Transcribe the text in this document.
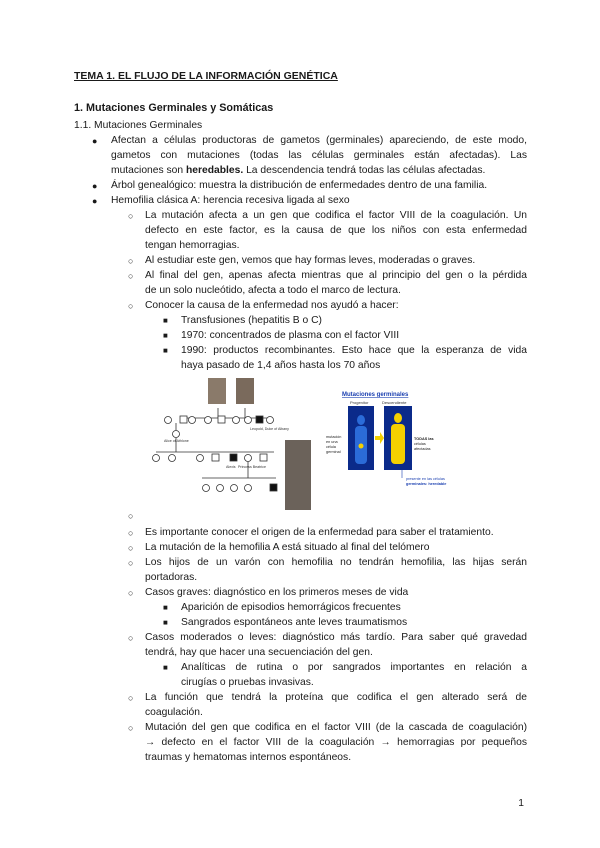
TEMA 1. EL FLUJO DE LA INFORMACIÓN GENÉTICA
1. Mutaciones Germinales y Somáticas
1.1. Mutaciones Germinales
● Afectan a células productoras de gametos (germinales) apareciendo, de este modo,
gametos con mutaciones (todas las células germinales están afectadas). Las
mutaciones son heredables. La descendencia tendrá todas las células afectadas.
● Árbol genealógico: muestra la distribución de enfermedades dentro de una familia.
● Hemofilia clásica A: herencia recesiva ligada al sexo
○ La mutación afecta a un gen que codifica el factor VIII de la coagulación. Un
defecto en este factor, es la causa de que los niños con esta enfermedad
tengan hemorragias.
○ Al estudiar este gen, vemos que hay formas leves, moderadas o graves.
○ Al final del gen, apenas afecta mientras que al principio del gen o la pérdida
de un solo nucleótido, afecta a todo el marco de lectura.
○ Conocer la causa de la enfermedad nos ayudó a hacer:
■ Transfusiones (hepatitis B o C)
■ 1970: concentrados de plasma con el factor VIII
■ 1990: productos recombinantes. Esto hace que la esperanza de vida
haya pasado de 1,4 años hasta los 70 años
Leopold, Duke of Albany
Alice of Athlone
Alexis Princess Beatrice
Mutaciones germinales
Progenitor	Descendiente
mutación
en una
célula
germinal
TODAS las
células
afectadas
presente en las células
germinales: heredable
○
○ Es importante conocer el origen de la enfermedad para saber el tratamiento.
○ La mutación de la hemofilia A está situado al final del telómero
○ Los hijos de un varón con hemofilia no tendrán hemofilia, las hijas serán
portadoras.
○ Casos graves: diagnóstico en los primeros meses de vida
■ Aparición de episodios hemorrágicos frecuentes
■ Sangrados espontáneos ante leves traumatismos
○ Casos moderados o leves: diagnóstico más tardío. Para saber qué gravedad
tendrá, hay que hacer una secuenciación del gen.
■ Analíticas de rutina o por sangrados importantes en relación a
cirugías o pruebas invasivas.
○ La función que tendrá la proteína que codifica el gen alterado será de
coagulación.
○ Mutación del gen que codifica en el factor VIII (de la cascada de coagulación)
→ defecto en el factor VIII de la coagulación → hemorragias por pequeños
traumas y hematomas internos espontáneos.
1
